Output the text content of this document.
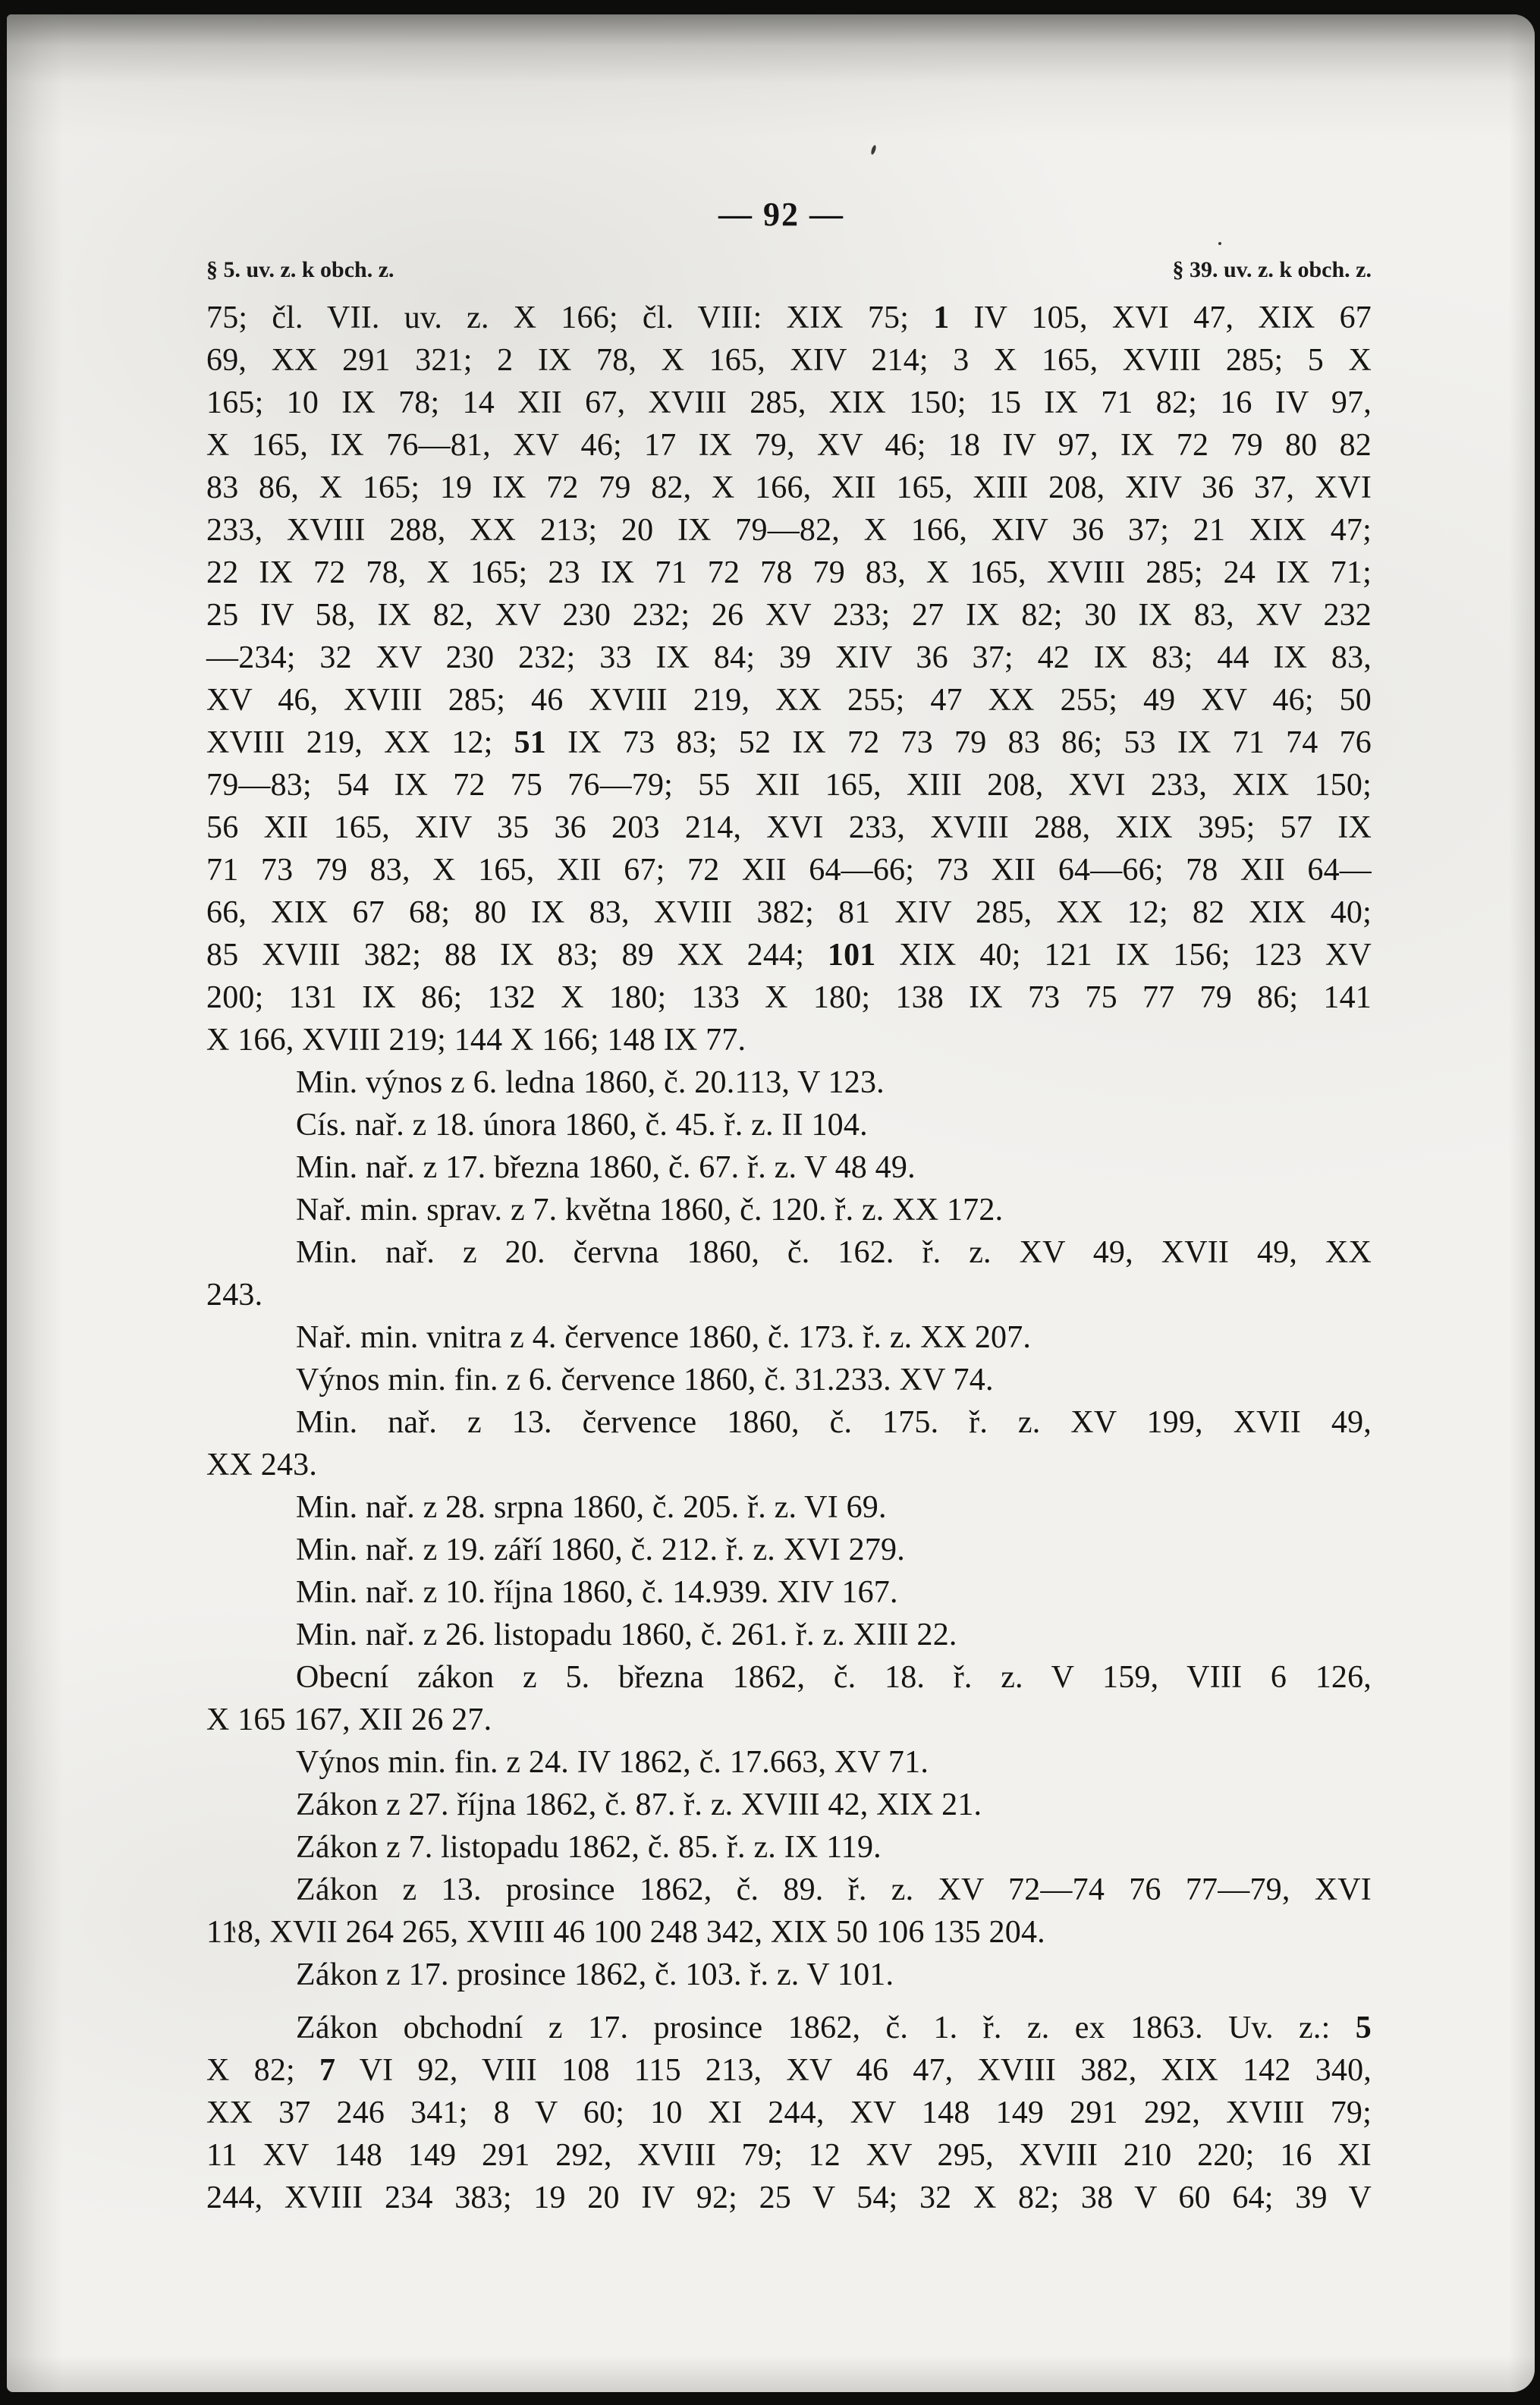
— 92 —
§ 5. uv. z. k obch. z.	§ 39. uv. z. k obch. z.
75; čl. VII. uv. z. X 166; čl. VIII: XIX 75; 1 IV 105, XVI 47, XIX 67
69, XX 291 321; 2 IX 78, X 165, XIV 214; 3 X 165, XVIII 285; 5 X
165; 10 IX 78; 14 XII 67, XVIII 285, XIX 150; 15 IX 71 82; 16 IV 97,
X 165, IX 76—81, XV 46; 17 IX 79, XV 46; 18 IV 97, IX 72 79 80 82
83 86, X 165; 19 IX 72 79 82, X 166, XII 165, XIII 208, XIV 36 37, XVI
233, XVIII 288, XX 213; 20 IX 79—82, X 166, XIV 36 37; 21 XIX 47;
22 IX 72 78, X 165; 23 IX 71 72 78 79 83, X 165, XVIII 285; 24 IX 71;
25 IV 58, IX 82, XV 230 232; 26 XV 233; 27 IX 82; 30 IX 83, XV 232
—234; 32 XV 230 232; 33 IX 84; 39 XIV 36 37; 42 IX 83; 44 IX 83,
XV 46, XVIII 285; 46 XVIII 219, XX 255; 47 XX 255; 49 XV 46; 50
XVIII 219, XX 12; 51 IX 73 83; 52 IX 72 73 79 83 86; 53 IX 71 74 76
79—83; 54 IX 72 75 76—79; 55 XII 165, XIII 208, XVI 233, XIX 150;
56 XII 165, XIV 35 36 203 214, XVI 233, XVIII 288, XIX 395; 57 IX
71 73 79 83, X 165, XII 67; 72 XII 64—66; 73 XII 64—66; 78 XII 64—
66, XIX 67 68; 80 IX 83, XVIII 382; 81 XIV 285, XX 12; 82 XIX 40;
85 XVIII 382; 88 IX 83; 89 XX 244; 101 XIX 40; 121 IX 156; 123 XV
200; 131 IX 86; 132 X 180; 133 X 180; 138 IX 73 75 77 79 86; 141
X 166, XVIII 219; 144 X 166; 148 IX 77.
Min. výnos z 6. ledna 1860, č. 20.113, V 123.
Cís. nař. z 18. února 1860, č. 45. ř. z. II 104.
Min. nař. z 17. března 1860, č. 67. ř. z. V 48 49.
Nař. min. sprav. z 7. května 1860, č. 120. ř. z. XX 172.
Min. nař. z 20. června 1860, č. 162. ř. z. XV 49, XVII 49, XX
243.
Nař. min. vnitra z 4. července 1860, č. 173. ř. z. XX 207.
Výnos min. fin. z 6. července 1860, č. 31.233. XV 74.
Min. nař. z 13. července 1860, č. 175. ř. z. XV 199, XVII 49,
XX 243.
Min. nař. z 28. srpna 1860, č. 205. ř. z. VI 69.
Min. nař. z 19. září 1860, č. 212. ř. z. XVI 279.
Min. nař. z 10. října 1860, č. 14.939. XIV 167.
Min. nař. z 26. listopadu 1860, č. 261. ř. z. XIII 22.
Obecní zákon z 5. března 1862, č. 18. ř. z. V 159, VIII 6 126,
X 165 167, XII 26 27.
Výnos min. fin. z 24. IV 1862, č. 17.663, XV 71.
Zákon z 27. října 1862, č. 87. ř. z. XVIII 42, XIX 21.
Zákon z 7. listopadu 1862, č. 85. ř. z. IX 119.
Zákon z 13. prosince 1862, č. 89. ř. z. XV 72—74 76 77—79, XVI
118, XVII 264 265, XVIII 46 100 248 342, XIX 50 106 135 204.
Zákon z 17. prosince 1862, č. 103. ř. z. V 101.
Zákon obchodní z 17. prosince 1862, č. 1. ř. z. ex 1863. Uv. z.: 5
X 82; 7 VI 92, VIII 108 115 213, XV 46 47, XVIII 382, XIX 142 340,
XX 37 246 341; 8 V 60; 10 XI 244, XV 148 149 291 292, XVIII 79;
11 XV 148 149 291 292, XVIII 79; 12 XV 295, XVIII 210 220; 16 XI
244, XVIII 234 383; 19 20 IV 92; 25 V 54; 32 X 82; 38 V 60 64; 39 V
